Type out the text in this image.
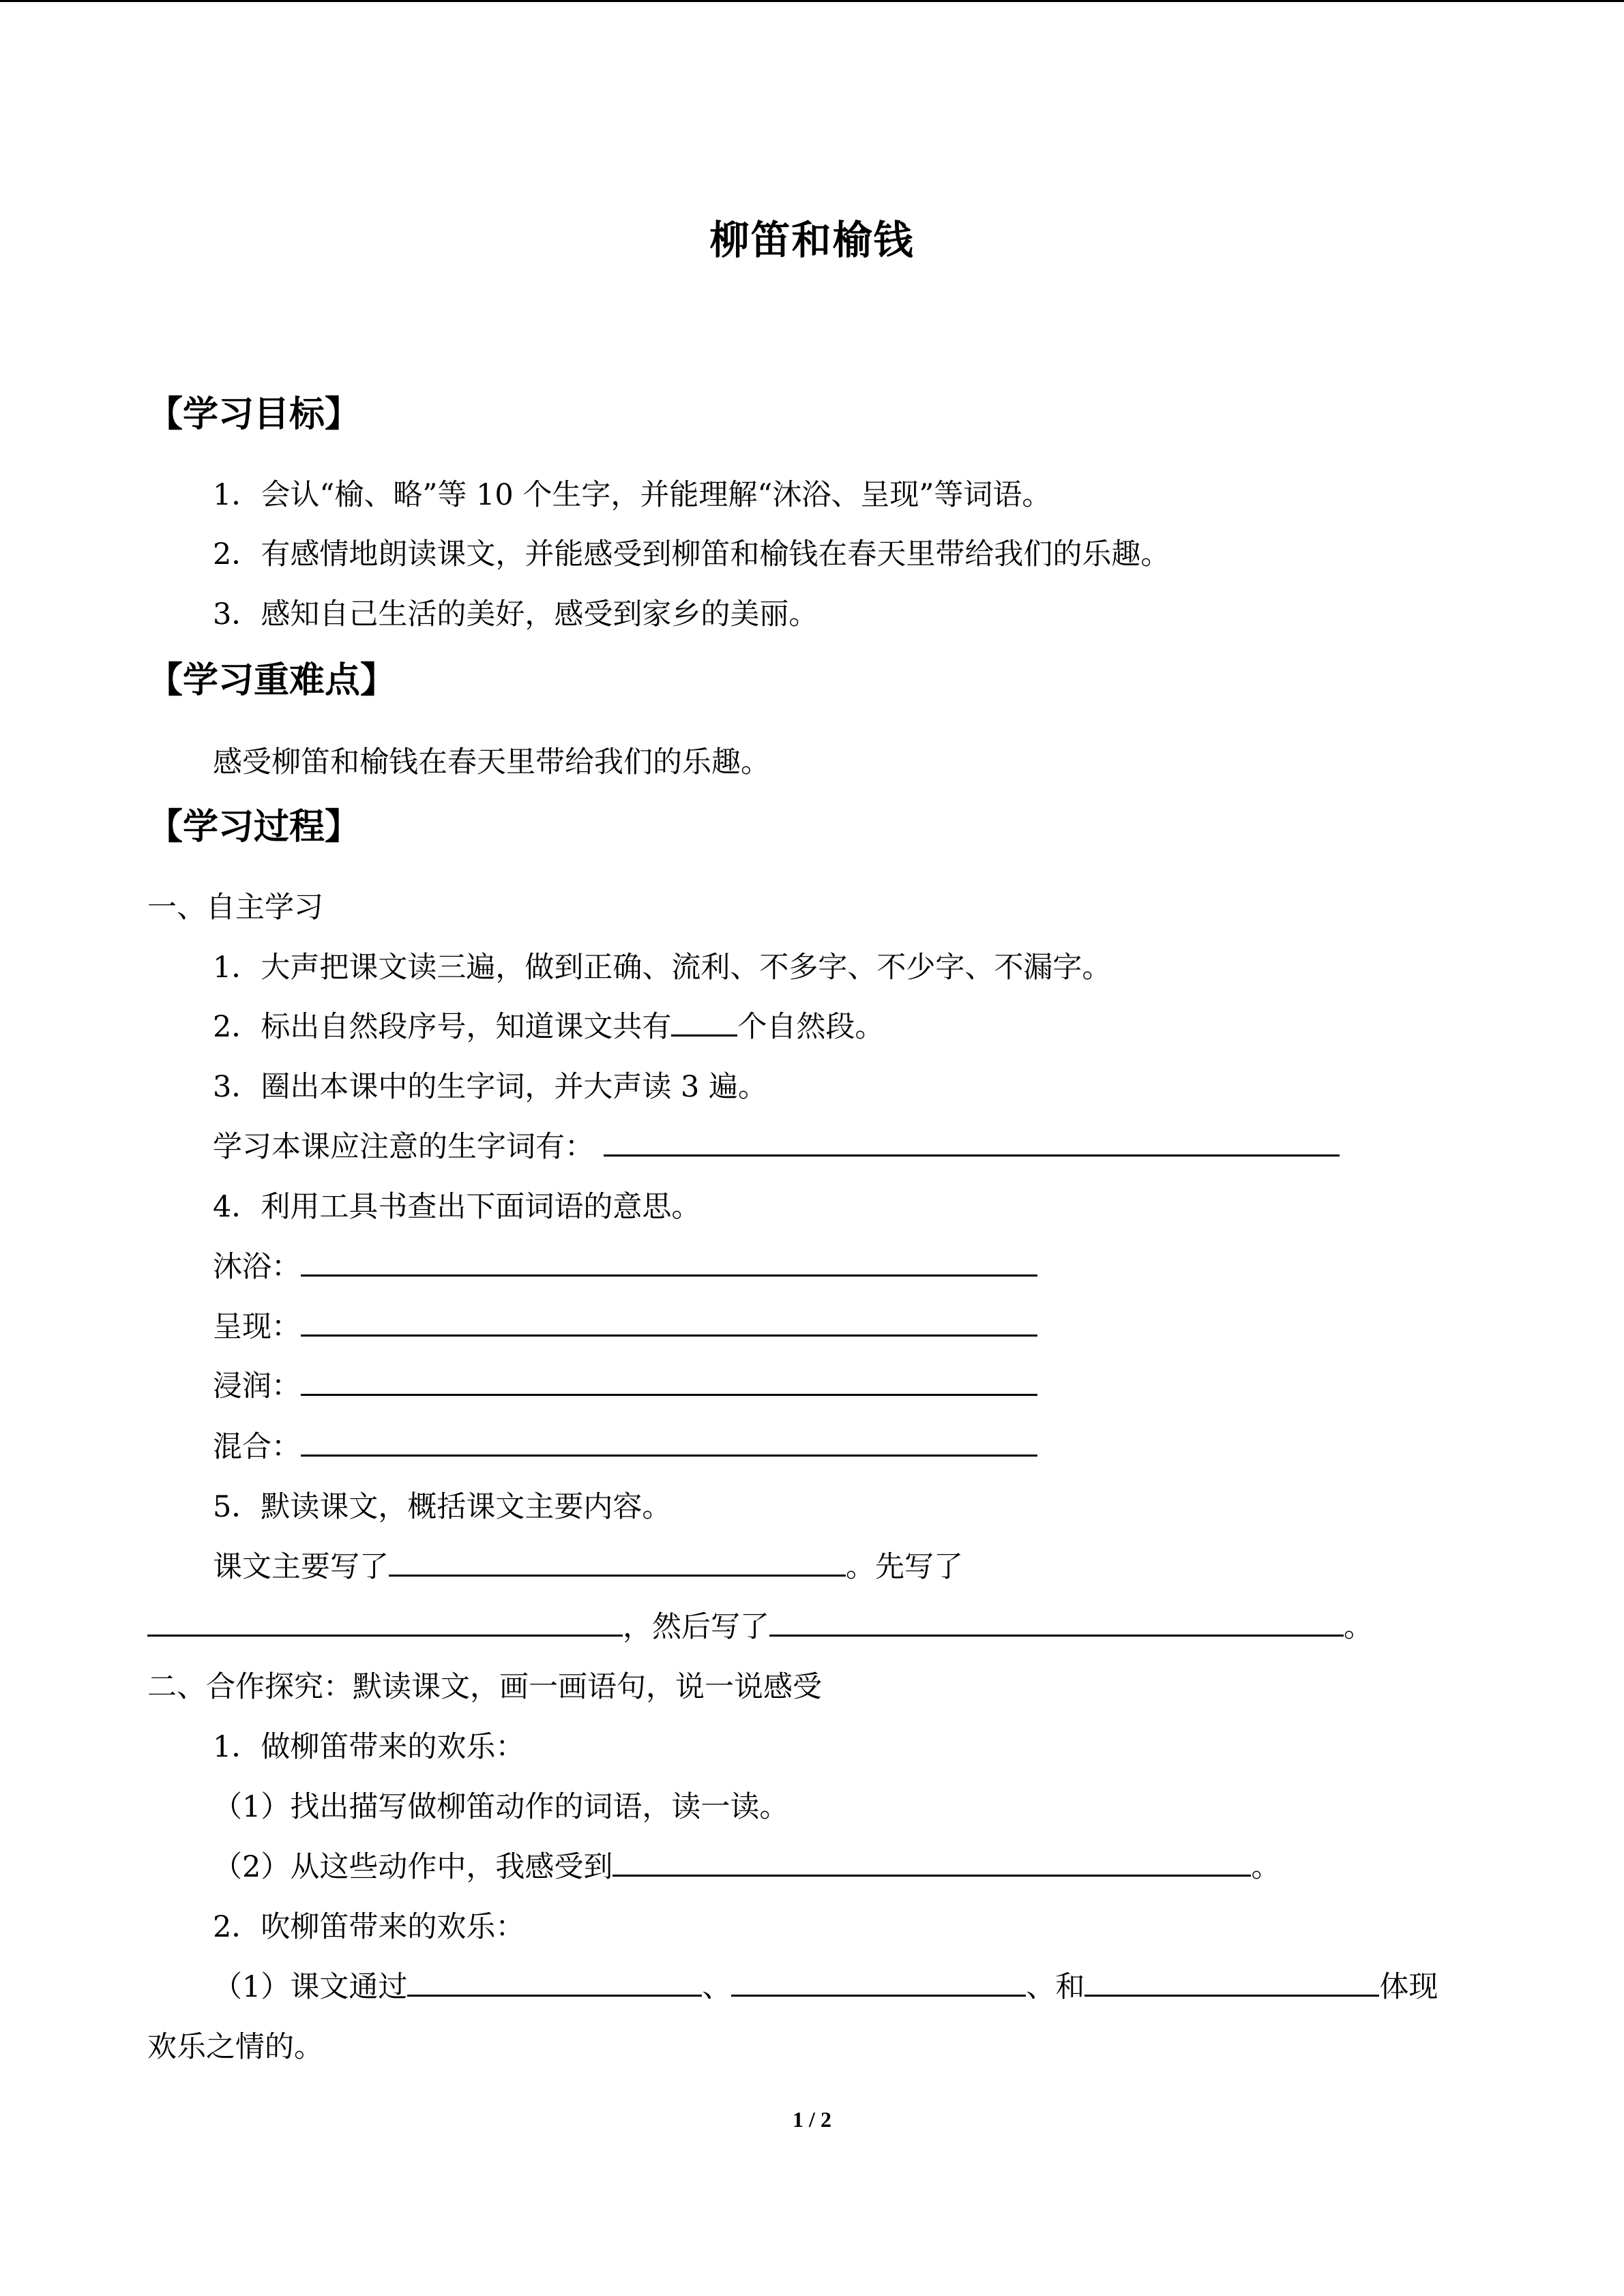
柳笛和榆钱
【学习目标】
1．会认“榆、略”等 10 个生字，并能理解“沐浴、呈现”等词语。
2．有感情地朗读课文，并能感受到柳笛和榆钱在春天里带给我们的乐趣。
3．感知自己生活的美好，感受到家乡的美丽。
【学习重难点】
感受柳笛和榆钱在春天里带给我们的乐趣。
【学习过程】
一、自主学习
1．大声把课文读三遍，做到正确、流利、不多字、不少字、不漏字。
2．标出自然段序号，知道课文共有 个自然段。
3．圈出本课中的生字词，并大声读 3 遍。
学习本课应注意的生字词有：
4．利用工具书查出下面词语的意思。
沐浴：
呈现：
浸润：
混合：
5．默读课文，概括课文主要内容。
课文主要写了	。先写了
，然后写了	。
二、合作探究：默读课文，画一画语句，说一说感受
1．做柳笛带来的欢乐：
（1）找出描写做柳笛动作的词语，读一读。
（2）从这些动作中，我感受到	。
2．吹柳笛带来的欢乐：
（1）课文通过	、	、和	体现
欢乐之情的。
1 / 2
